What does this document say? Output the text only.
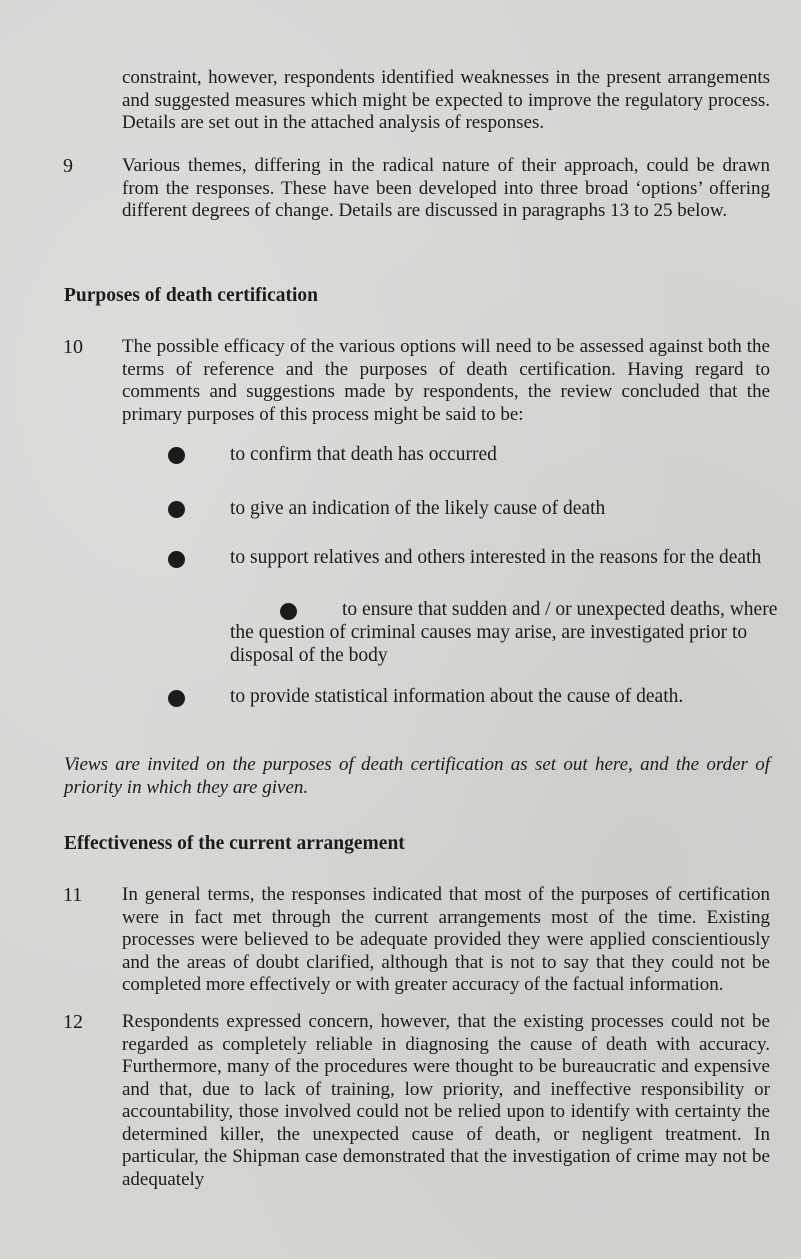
constraint, however, respondents identified weaknesses in the present arrangements and suggested measures which might be expected to improve the regulatory process. Details are set out in the attached analysis of responses.

9	Various themes, differing in the radical nature of their approach, could be drawn from the responses. These have been developed into three broad ‘options’ offering different degrees of change. Details are discussed in paragraphs 13 to 25 below.

Purposes of death certification
10 The possible efficacy of the various options will need to be assessed against both the terms of reference and the purposes of death certification. Having regard to comments and suggestions made by respondents, the review concluded that the primary purposes of this process might be said to be:

to confirm that death has occurred
to give an indication of the likely cause of death
to support relatives and others interested in the reasons for the death
to ensure that sudden and / or unexpected deaths, where
the question of criminal causes may arise, are investigated prior to
disposal of the body
to provide statistical information about the cause of death.

Views are invited on the purposes of death certification as set out here, and the order of priority in which they are given.

Effectiveness of the current arrangement
11 In general terms, the responses indicated that most of the purposes of certification were in fact met through the current arrangements most of the time. Existing processes were believed to be adequate provided they were applied conscientiously and the areas of doubt clarified, although that is not to say that they could not be completed more effectively or with greater accuracy of the factual information.

12 Respondents expressed concern, however, that the existing processes could not be regarded as completely reliable in diagnosing the cause of death with accuracy. Furthermore, many of the procedures were thought to be bureaucratic and expensive and that, due to lack of training, low priority, and ineffective responsibility or accountability, those involved could not be relied upon to identify with certainty the determined killer, the unexpected cause of death, or negligent treatment. In particular, the Shipman case demonstrated that the investigation of crime may not be adequately
